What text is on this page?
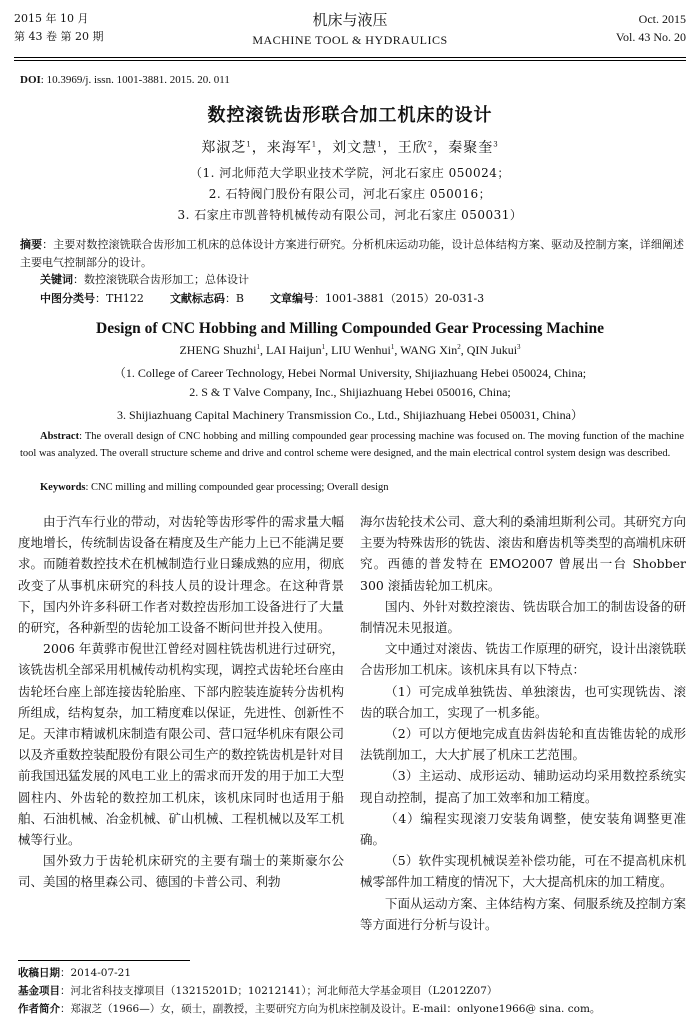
2015 年 10 月
第 43 卷 第 20 期
机床与液压
MACHINE TOOL & HYDRAULICS
Oct. 2015
Vol. 43 No. 20
DOI: 10.3969/j. issn. 1001-3881. 2015. 20. 011
数控滚铣齿形联合加工机床的设计
郑淑芝$^1$，来海军$^1$，刘文慧$^1$，王欣$^2$，秦聚奎$^3$
（1. 河北师范大学职业技术学院，河北石家庄 050024；
2. 石特阀门股份有限公司，河北石家庄 050016；
3. 石家庄市凯普特机械传动有限公司，河北石家庄 050031）
摘要：主要对数控滚铣联合齿形加工机床的总体设计方案进行研究。分析机床运动功能，设计总体结构方案、驱动及控制方案，详细阐述主要电气控制部分的设计。
关键词：数控滚铣联合齿形加工；总体设计
中图分类号：TH122 文献标志码：B 文章编号：1001-3881（2015）20-031-3
Design of CNC Hobbing and Milling Compounded Gear Processing Machine
ZHENG Shuzhi$^1$, LAI Haijun$^1$, LIU Wenhui$^1$, WANG Xin$^2$, QIN Jukui$^3$
（1. College of Career Technology, Hebei Normal University, Shijiazhuang Hebei 050024, China;
2. S & T Valve Company, Inc., Shijiazhuang Hebei 050016, China;
3. Shijiazhuang Capital Machinery Transmission Co., Ltd., Shijiazhuang Hebei 050031, China）
Abstract: The overall design of CNC hobbing and milling compounded gear processing machine was focused on. The moving function of the machine tool was analyzed. The overall structure scheme and drive and control scheme were designed, and the main electrical control system design was described.
Keywords: CNC milling and milling compounded gear processing; Overall design

由于汽车行业的带动，对齿轮等齿形零件的需求量大幅度地增长，传统制齿设备在精度及生产能力上已不能满足要求。而随着数控技术在机械制造行业日臻成熟的应用，彻底改变了从事机床研究的科技人员的设计理念。在这种背景下，国内外许多科研工作者对数控齿形加工设备进行了大量的研究，各种新型的齿轮加工设备不断问世并投入使用。

2006 年黄骅市倪世江曾经对圆柱铣齿机进行过研究，该铣齿机全部采用机械传动机构实现，调控式齿轮坯台座由齿轮坯台座上部连接齿轮胎座、下部内腔装连旋转分齿机构所组成，结构复杂，加工精度难以保证，先进性、创新性不足。天津市精诚机床制造有限公司、营口冠华机床有限公司以及齐重数控装配股份有限公司生产的数控铣齿机是针对目前我国迅猛发展的风电工业上的需求而开发的用于加工大型圆柱内、外齿轮的数控加工机床，该机床同时也适用于船舶、石油机械、冶金机械、矿山机械、工程机械以及军工机械等行业。

国外致力于齿轮机床研究的主要有瑞士的莱斯豪尔公司、美国的格里森公司、德国的卡普公司、利勃

海尔齿轮技术公司、意大利的桑浦坦斯利公司。其研究方向主要为特殊齿形的铣齿、滚齿和磨齿机等类型的高端机床研究。西德的普发特在 EMO2007 曾展出一台 Shobber 300 滚插齿轮加工机床。

国内、外针对数控滚齿、铣齿联合加工的制齿设备的研制情况未见报道。

文中通过对滚齿、铣齿工作原理的研究，设计出滚铣联合齿形加工机床。该机床具有以下特点：

（1）可完成单独铣齿、单独滚齿，也可实现铣齿、滚齿的联合加工，实现了一机多能。

（2）可以方便地完成直齿斜齿轮和直齿锥齿轮的成形法铣削加工，大大扩展了机床工艺范围。

（3）主运动、成形运动、辅助运动均采用数控系统实现自动控制，提高了加工效率和加工精度。

（4）编程实现滚刀安装角调整，使安装角调整更准确。

（5）软件实现机械误差补偿功能，可在不提高机床机械零部件加工精度的情况下，大大提高机床的加工精度。

下面从运动方案、主体结构方案、伺服系统及控制方案等方面进行分析与设计。

收稿日期：2014-07-21
基金项目：河北省科技支撑项目（13215201D；10212141）；河北师范大学基金项目（L2012Z07）
作者简介：郑淑芝（1966—）女，硕士，副教授，主要研究方向为机床控制及设计。E-mail：onlyone1966@ sina. com。
